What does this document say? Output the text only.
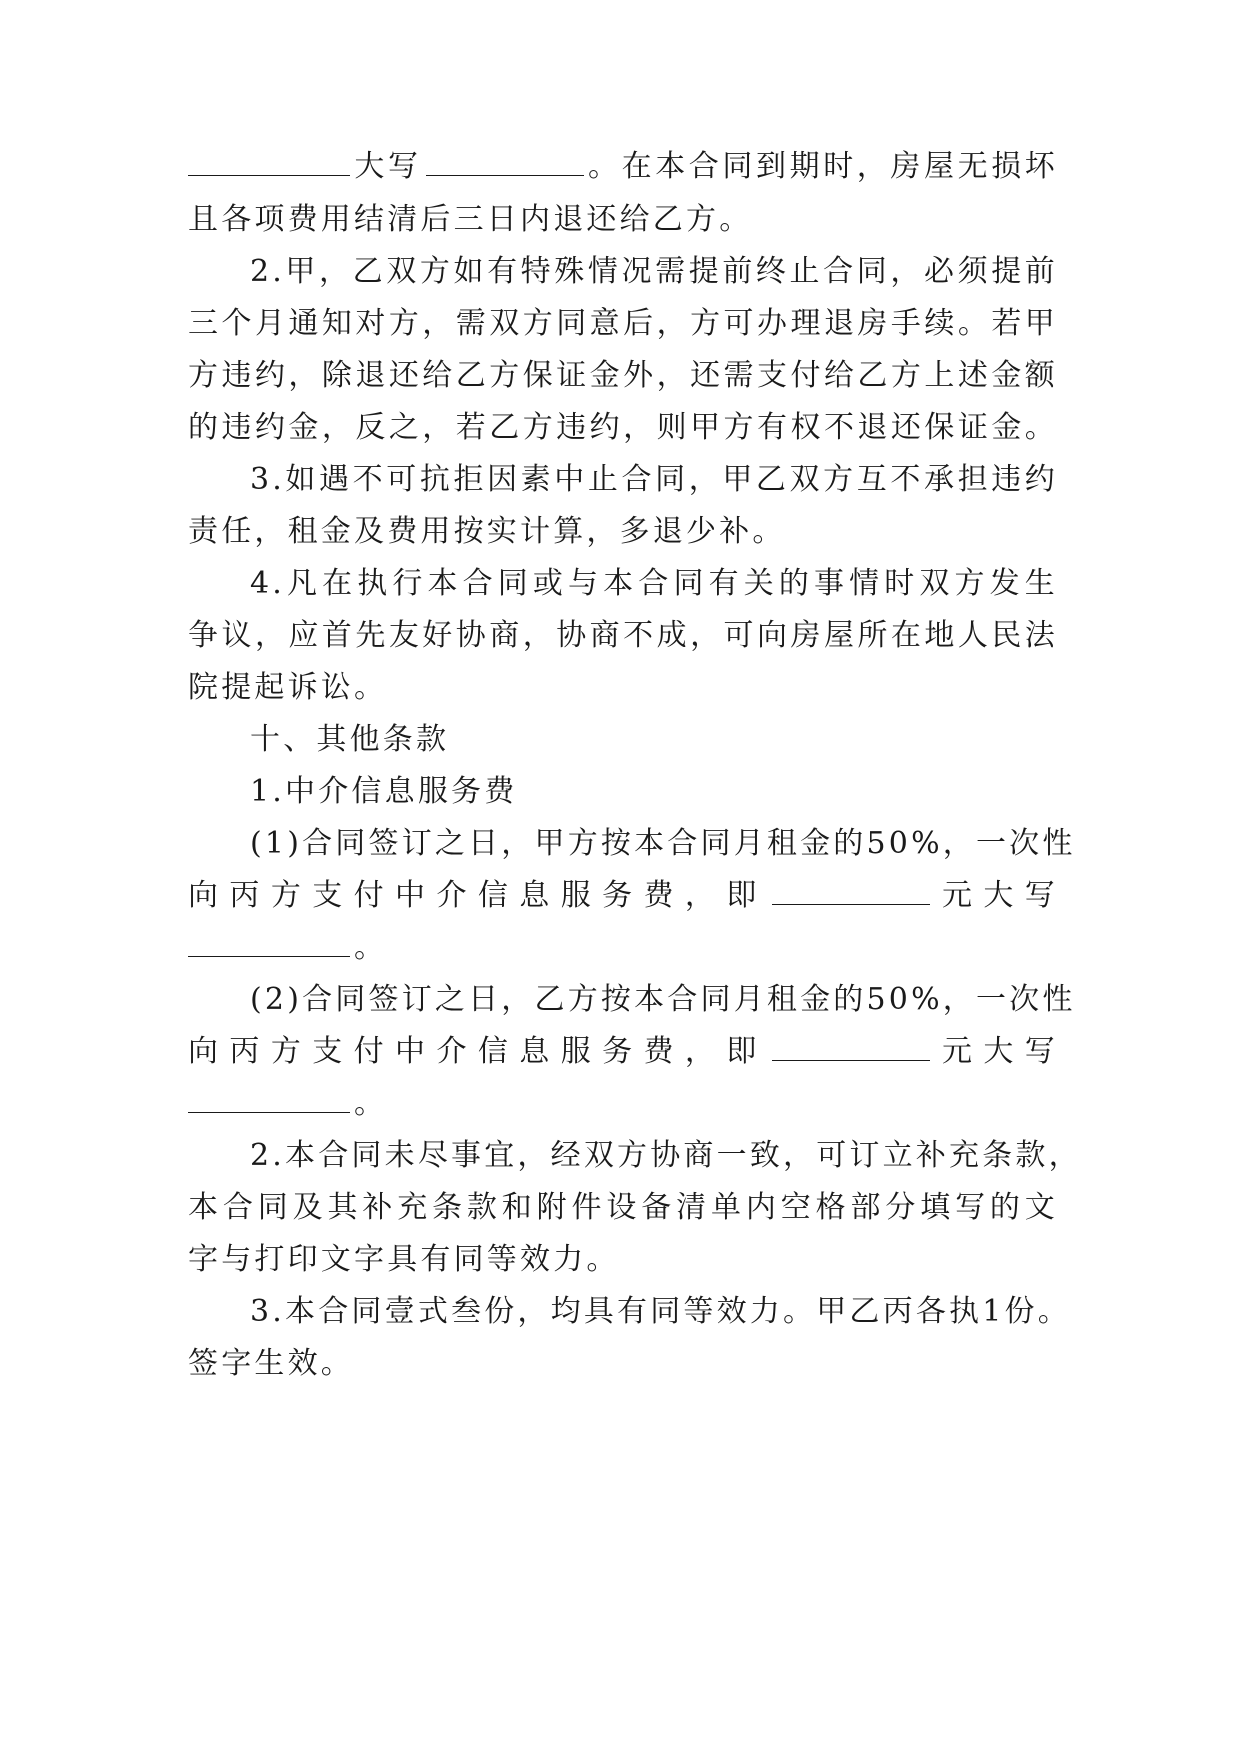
大写	。在本合同到期时，房屋无损坏
且各项费用结清后三日内退还给乙方。
2.甲，乙双方如有特殊情况需提前终止合同，必须提前
三个月通知对方，需双方同意后，方可办理退房手续。若甲
方违约，除退还给乙方保证金外，还需支付给乙方上述金额
的违约金，反之，若乙方违约，则甲方有权不退还保证金。
3.如遇不可抗拒因素中止合同，甲乙双方互不承担违约
责任，租金及费用按实计算，多退少补。
4.凡在执行本合同或与本合同有关的事情时双方发生
争议，应首先友好协商，协商不成，可向房屋所在地人民法
院提起诉讼。
十、其他条款
1.中介信息服务费
(1)合同签订之日，甲方按本合同月租金的50%，一次性
向丙方支付中介信息服务费，即	元大写
。
(2)合同签订之日，乙方按本合同月租金的50%，一次性
向丙方支付中介信息服务费，即	元大写
。
2.本合同未尽事宜，经双方协商一致，可订立补充条款，
本合同及其补充条款和附件设备清单内空格部分填写的文
字与打印文字具有同等效力。
3.本合同壹式叁份，均具有同等效力。甲乙丙各执1份。
签字生效。
